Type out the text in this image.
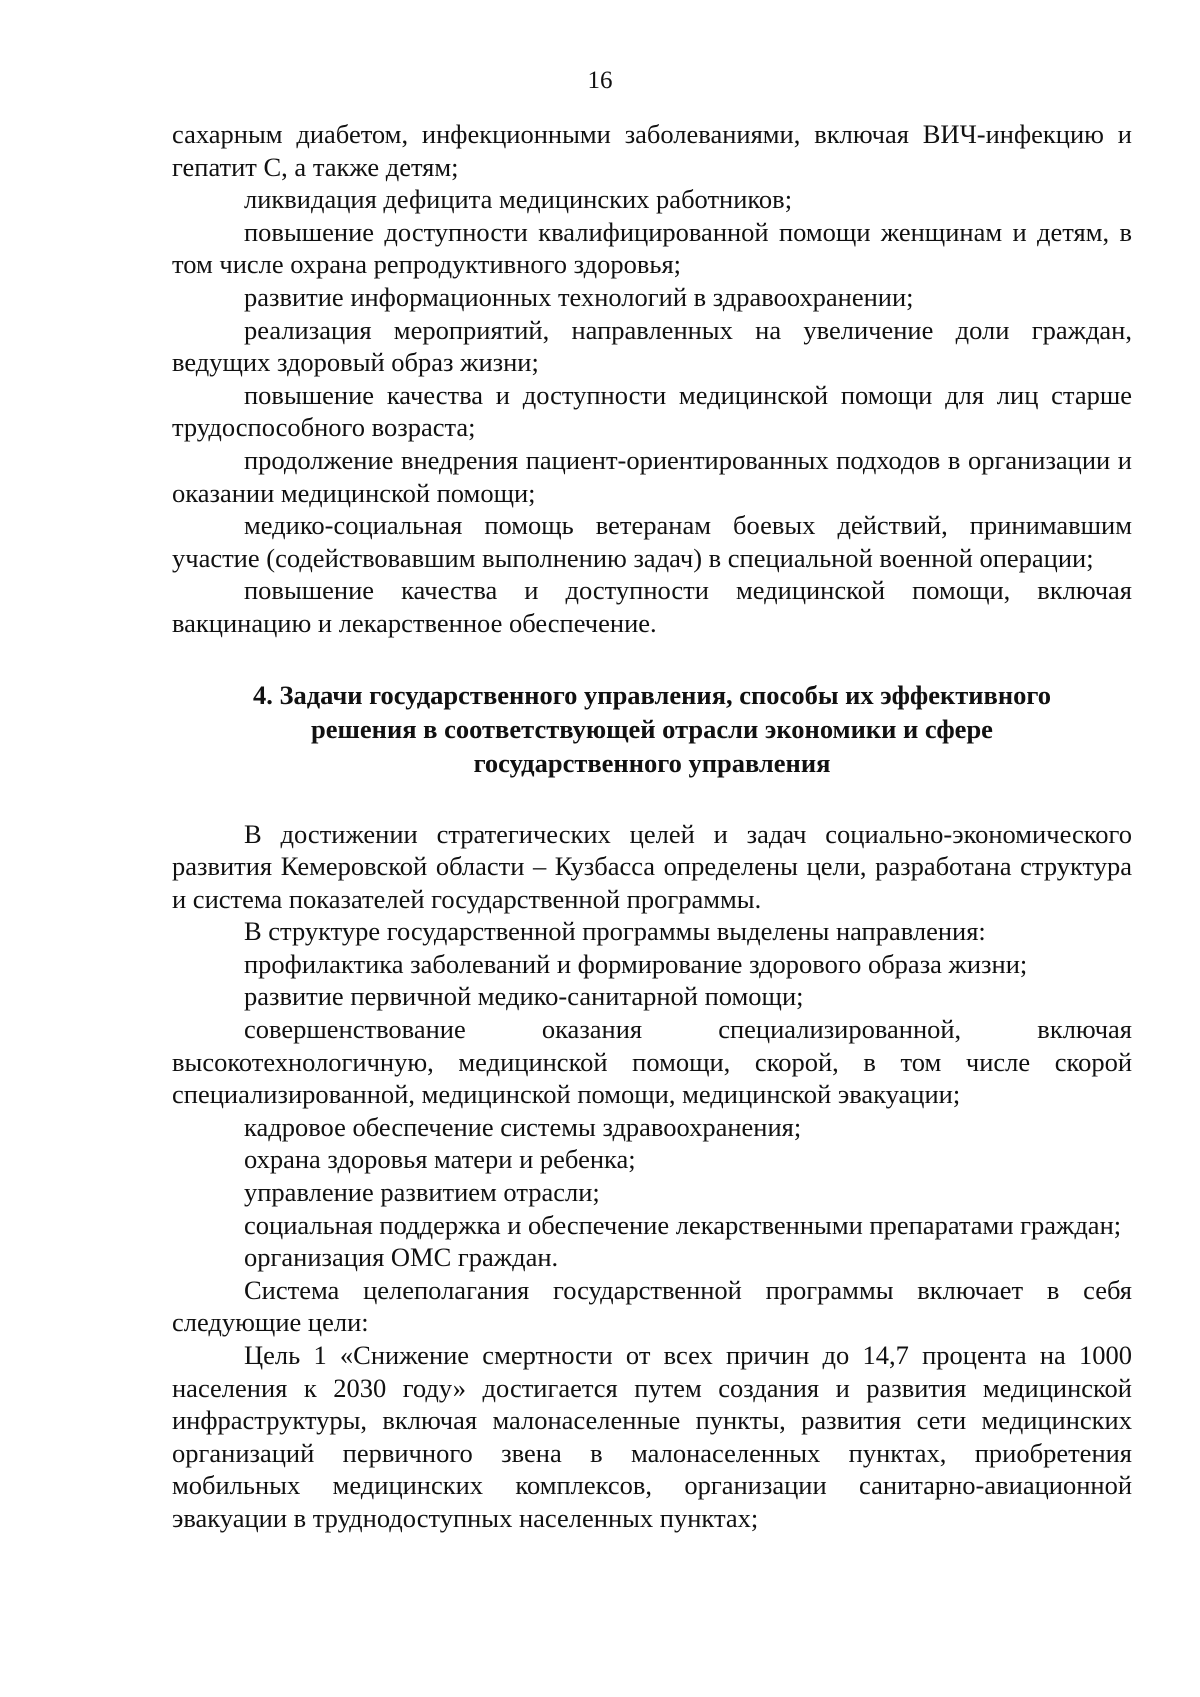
16

сахарным диабетом, инфекционными заболеваниями, включая ВИЧ-инфекцию и гепатит С, а также детям;

ликвидация дефицита медицинских работников;

повышение доступности квалифицированной помощи женщинам и детям, в том числе охрана репродуктивного здоровья;

развитие информационных технологий в здравоохранении;

реализация мероприятий, направленных на увеличение доли граждан, ведущих здоровый образ жизни;

повышение качества и доступности медицинской помощи для лиц старше трудоспособного возраста;

продолжение внедрения пациент-ориентированных подходов в организации и оказании медицинской помощи;

медико-социальная помощь ветеранам боевых действий, принимавшим участие (содействовавшим выполнению задач) в специальной военной операции;

повышение качества и доступности медицинской помощи, включая вакцинацию и лекарственное обеспечение.

4. Задачи государственного управления, способы их эффективного
решения в соответствующей отрасли экономики и сфере
государственного управления

В достижении стратегических целей и задач социально-экономического развития Кемеровской области – Кузбасса определены цели, разработана структура и система показателей государственной программы.

В структуре государственной программы выделены направления:

профилактика заболеваний и формирование здорового образа жизни;

развитие первичной медико-санитарной помощи;

совершенствование оказания специализированной, включая высокотехнологичную, медицинской помощи, скорой, в том числе скорой специализированной, медицинской помощи, медицинской эвакуации;

кадровое обеспечение системы здравоохранения;

охрана здоровья матери и ребенка;

управление развитием отрасли;

социальная поддержка и обеспечение лекарственными препаратами граждан;

организация ОМС граждан.

Система целеполагания государственной программы включает в себя следующие цели:

Цель 1 «Снижение смертности от всех причин до 14,7 процента на 1000 населения к 2030 году» достигается путем создания и развития медицинской инфраструктуры, включая малонаселенные пункты, развития сети медицинских организаций первичного звена в малонаселенных пунктах, приобретения мобильных медицинских комплексов, организации санитарно-авиационной эвакуации в труднодоступных населенных пунктах;
